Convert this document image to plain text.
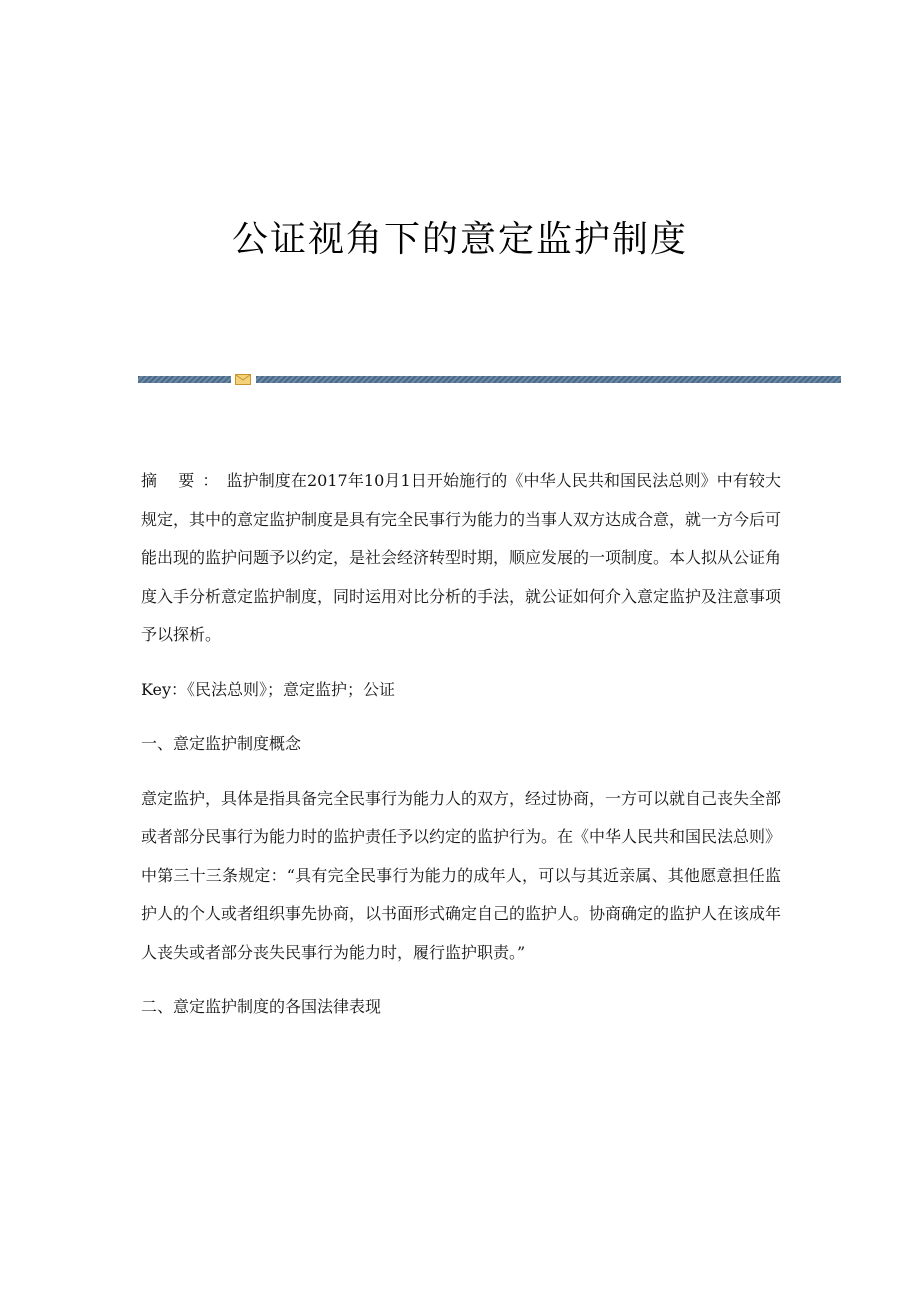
公证视角下的意定监护制度

摘 要：监护制度在2017年10月1日开始施行的《中华人民共和国民法总则》中有较大规定，其中的意定监护制度是具有完全民事行为能力的当事人双方达成合意，就一方今后可能出现的监护问题予以约定，是社会经济转型时期，顺应发展的一项制度。本人拟从公证角度入手分析意定监护制度，同时运用对比分析的手法，就公证如何介入意定监护及注意事项予以探析。

Key：《民法总则》；意定监护；公证

一、意定监护制度概念

意定监护，具体是指具备完全民事行为能力人的双方，经过协商，一方可以就自己丧失全部或者部分民事行为能力时的监护责任予以约定的监护行为。在《中华人民共和国民法总则》中第三十三条规定：“具有完全民事行为能力的成年人，可以与其近亲属、其他愿意担任监护人的个人或者组织事先协商，以书面形式确定自己的监护人。协商确定的监护人在该成年人丧失或者部分丧失民事行为能力时，履行监护职责。”

二、意定监护制度的各国法律表现
